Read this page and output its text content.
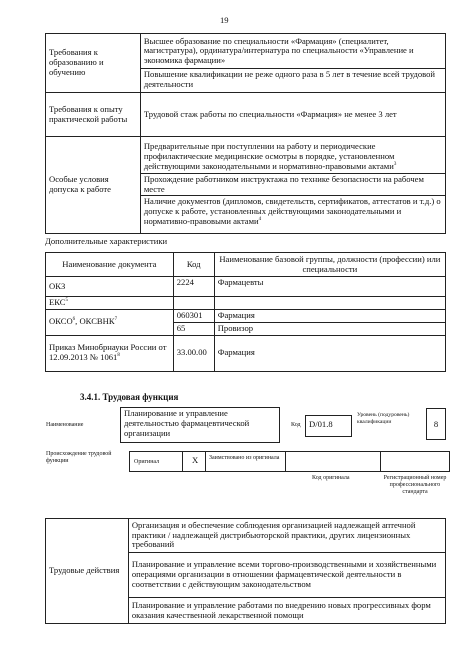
19
Требования к образованию и обучению	Высшее образование по специальности «Фармация» (специалитет, магистратура), ординатура/интернатура по специальности «Управление и экономика фармации»
Повышение квалификации не реже одного раза в 5 лет в течение всей трудовой деятельности

Требования к опыту практической работы	Трудовой стаж работы по специальности «Фармация» не менее 3 лет
Особые условия допуска к работе	Предварительные при поступлении на работу и периодические профилактические медицинские осмотры в порядке, установленном действующими законодательными и нормативно-правовыми актами$^3$
Прохождение работником инструктажа по технике безопасности на рабочем месте
Наличие документов (дипломов, свидетельств, сертификатов, аттестатов и т.д.) о допуске к работе, установленных действующими законодательными и нормативно-правовыми актами$^4$
Дополнительные характеристики
Наименование документа	Код	Наименование базовой группы, должности (профессии) или специальности
ОКЗ	2224	Фармацевты
ЕКС$^5$		
ОКСО$^6$, ОКСВНК$^7$	060301	Фармация
	65	Провизор
Приказ Минобрнауки России от 12.09.2013 № 1061$^8$	33.00.00	Фармация
3.4.1. Трудовая функция
Наименование
Планирование и управление деятельностью фармацевтической организации
Код D/01.8
Уровень (подуровень) квалификации	8
Происхождение трудовой функции	Оригинал	X Заимствовано из оригинала
Код оригинала	Регистрационный номер профессионального стандарта
Трудовые действия	Организация и обеспечение соблюдения организацией надлежащей аптечной практики / надлежащей дистрибьюторской практики, других лицензионных требований
Планирование и управление всеми торгово-производственными и хозяйственными операциями организации в отношении фармацевтической деятельности в соответствии с действующим законодательством
Планирование и управление работами по внедрению новых прогрессивных форм оказания качественной лекарственной помощи
